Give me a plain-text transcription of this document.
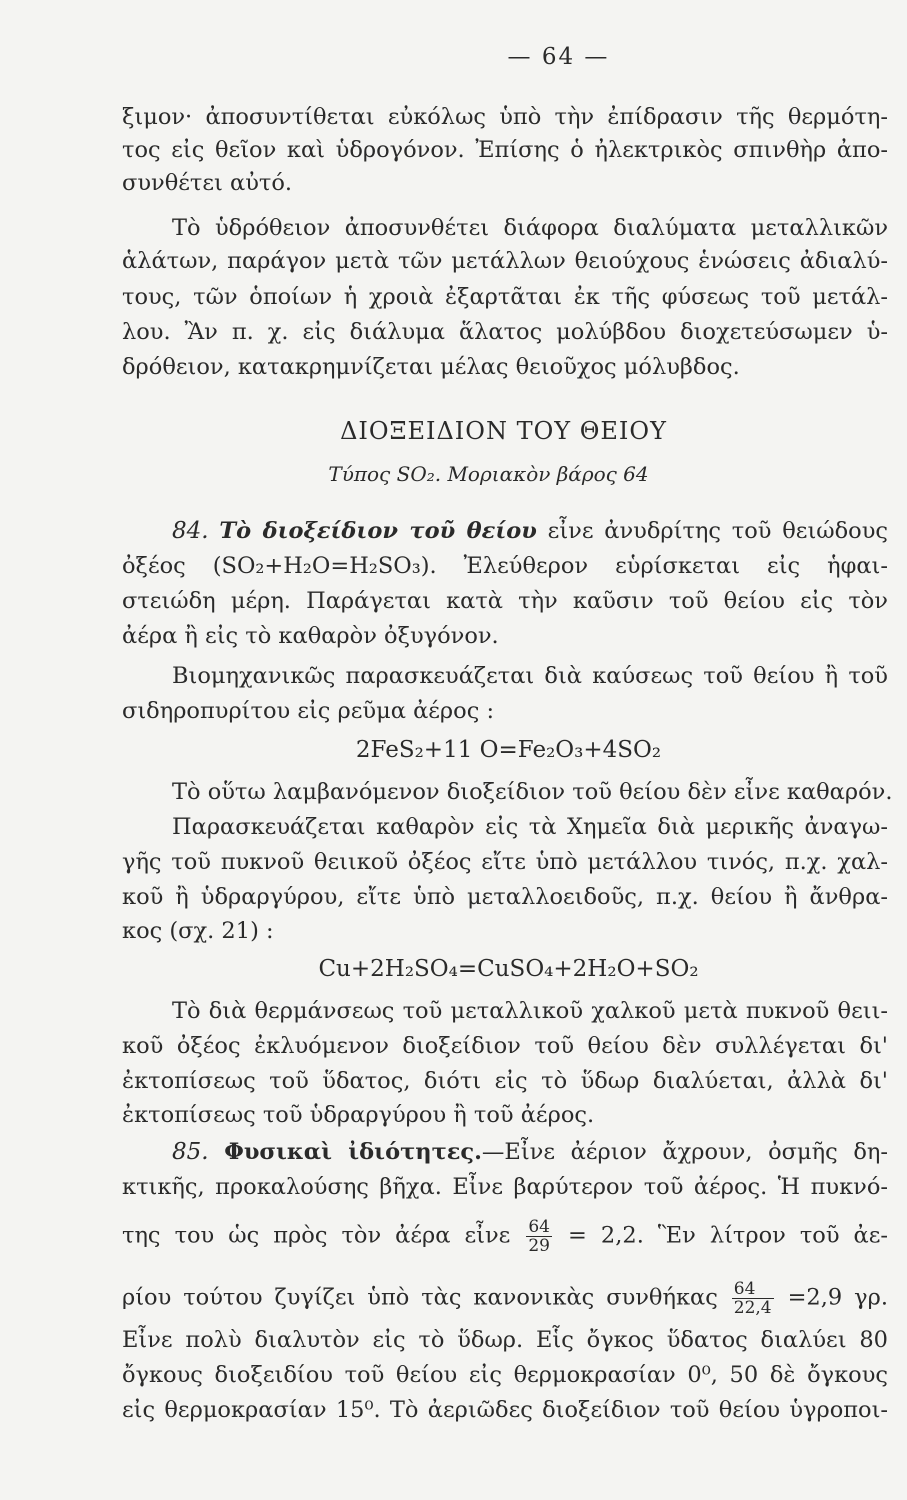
— 64 —
ξιμον· ἀποσυντίθεται εὐκόλως ὑπὸ τὴν ἐπίδρασιν τῆς θερμότη-
τος εἰς θεῖον καὶ ὑδρογόνον. Ἐπίσης ὁ ἠλεκτρικὸς σπινθὴρ ἀπο-
συνθέτει αὐτό.
Τὸ ὑδρόθειον ἀποσυνθέτει διάφορα διαλύματα μεταλλικῶν
ἁλάτων, παράγον μετὰ τῶν μετάλλων θειούχους ἑνώσεις ἀδιαλύ-
τους, τῶν ὁποίων ἡ χροιὰ ἐξαρτᾶται ἐκ τῆς φύσεως τοῦ μετάλ-
λου. Ἂν π. χ. εἰς διάλυμα ἅλατος μολύβδου διοχετεύσωμεν ὑ-
δρόθειον, κατακρημνίζεται μέλας θειοῦχος μόλυβδος.
ΔΙΟΞΕΙΔΙΟΝ ΤΟΥ ΘΕΙΟΥ
Τύπος SO₂. Μοριακὸν βάρος 64
84. Τὸ διοξείδιον τοῦ θείου εἶνε ἀνυδρίτης τοῦ θειώδους
ὀξέος (SO₂+H₂O=H₂SO₃). Ἐλεύθερον εὑρίσκεται εἰς ἡφαι-
στειώδη μέρη. Παράγεται κατὰ τὴν καῦσιν τοῦ θείου εἰς τὸν
ἀέρα ἢ εἰς τὸ καθαρὸν ὀξυγόνον.
Βιομηχανικῶς παρασκευάζεται διὰ καύσεως τοῦ θείου ἢ τοῦ
σιδηροπυρίτου εἰς ρεῦμα ἀέρος :
2FeS₂+11 O=Fe₂O₃+4SO₂
Τὸ οὕτω λαμβανόμενον διοξείδιον τοῦ θείου δὲν εἶνε καθαρόν.
Παρασκευάζεται καθαρὸν εἰς τὰ Χημεῖα διὰ μερικῆς ἀναγω-
γῆς τοῦ πυκνοῦ θειικοῦ ὀξέος εἴτε ὑπὸ μετάλλου τινός, π.χ. χαλ-
κοῦ ἢ ὑδραργύρου, εἴτε ὑπὸ μεταλλοειδοῦς, π.χ. θείου ἢ ἄνθρα-
κος (σχ. 21) :
Cu+2H₂SO₄=CuSO₄+2H₂O+SO₂
Τὸ διὰ θερμάνσεως τοῦ μεταλλικοῦ χαλκοῦ μετὰ πυκνοῦ θειι-
κοῦ ὀξέος ἐκλυόμενον διοξείδιον τοῦ θείου δὲν συλλέγεται δι'
ἐκτοπίσεως τοῦ ὕδατος, διότι εἰς τὸ ὕδωρ διαλύεται, ἀλλὰ δι'
ἐκτοπίσεως τοῦ ὑδραργύρου ἢ τοῦ ἀέρος.
85. Φυσικαὶ ἰδιότητες.—Εἶνε ἀέριον ἄχρουν, ὀσμῆς δη-
κτικῆς, προκαλούσης βῆχα. Εἶνε βαρύτερον τοῦ ἀέρος. Ἡ πυκνό-
της του ὡς πρὸς τὸν ἀέρα εἶνε $\frac{64}{29} = 2,2$. Ἓν λίτρον τοῦ ἀε-
ρίου τούτου ζυγίζει ὑπὸ τὰς κανονικὰς συνθήκας $\frac{64}{22,4} =2,9$ γρ.
Εἶνε πολὺ διαλυτὸν εἰς τὸ ὕδωρ. Εἷς ὄγκος ὕδατος διαλύει 80
ὄγκους διοξειδίου τοῦ θείου εἰς θερμοκρασίαν 0⁰, 50 δὲ ὄγκους
εἰς θερμοκρασίαν 15⁰. Τὸ ἀεριῶδες διοξείδιον τοῦ θείου ὑγροποι-
